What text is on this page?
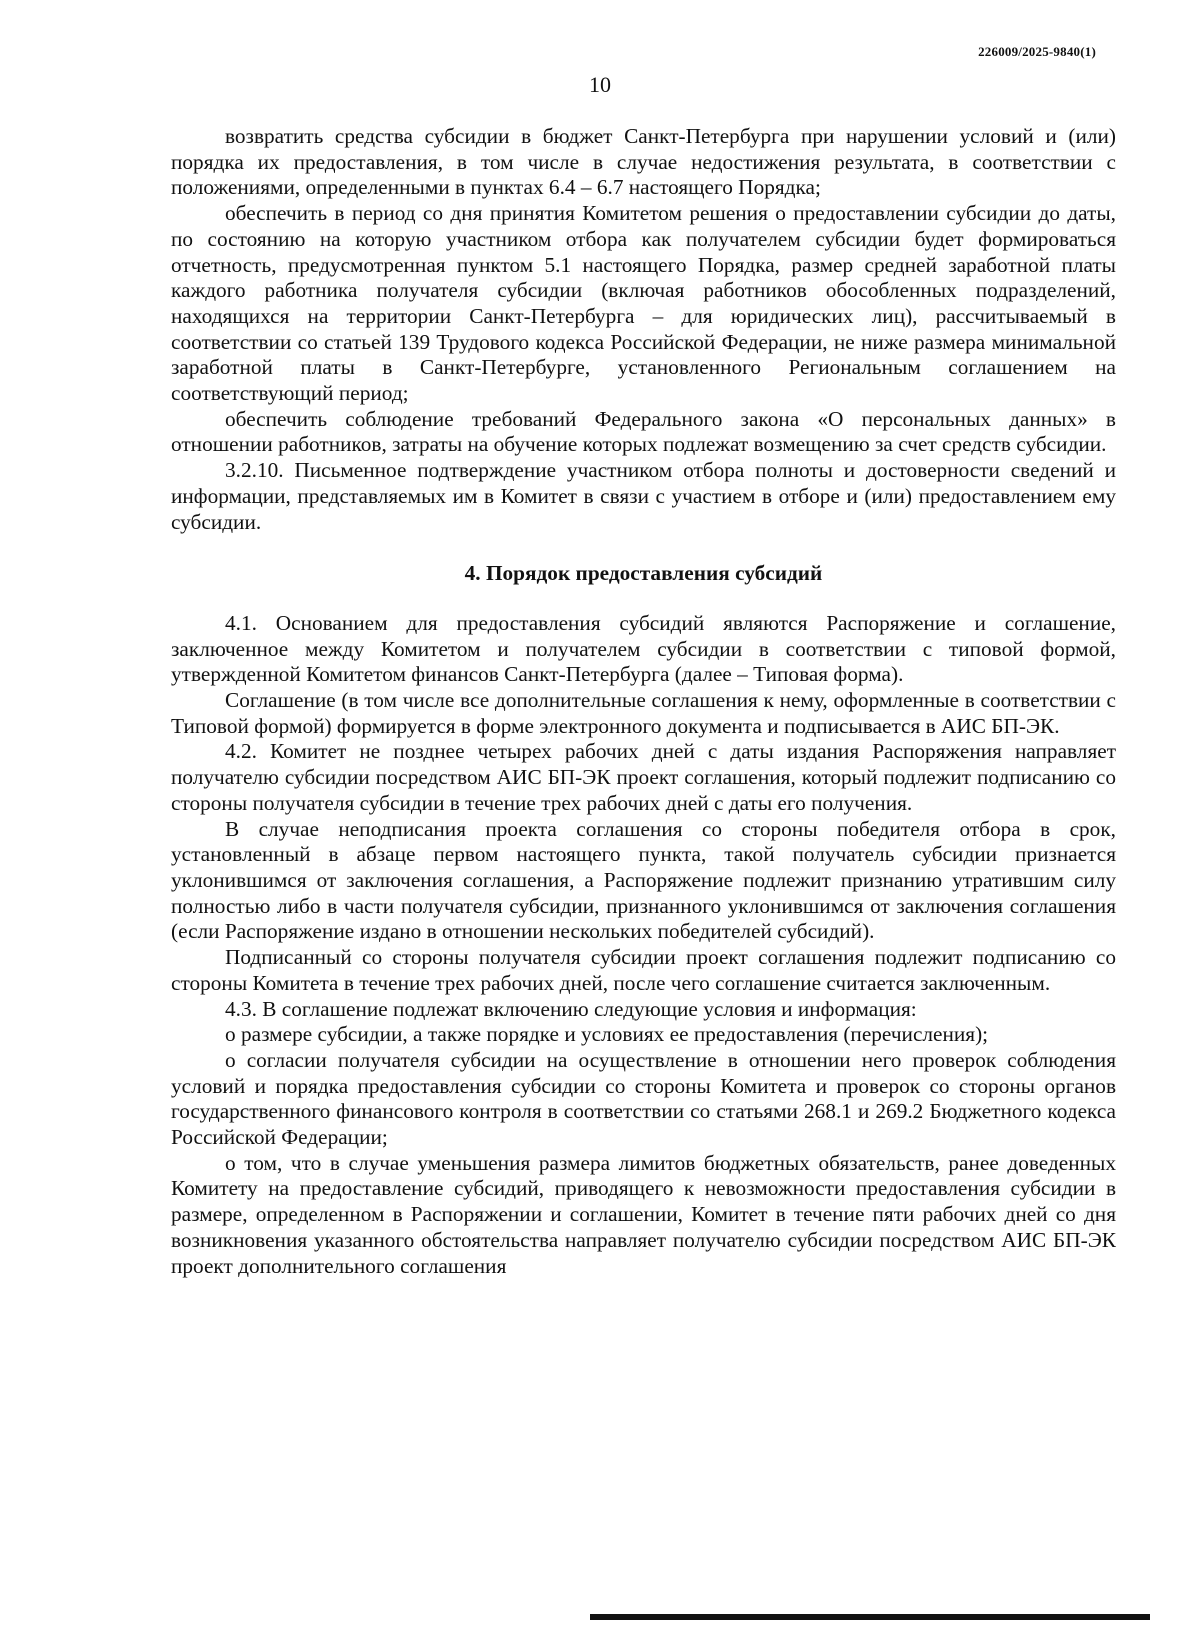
226009/2025-9840(1)
10

возвратить средства субсидии в бюджет Санкт-Петербурга при нарушении условий и (или) порядка их предоставления, в том числе в случае недостижения результата, в соответствии с положениями, определенными в пунктах 6.4 – 6.7 настоящего Порядка;

обеспечить в период со дня принятия Комитетом решения о предоставлении субсидии до даты, по состоянию на которую участником отбора как получателем субсидии будет формироваться отчетность, предусмотренная пунктом 5.1 настоящего Порядка, размер средней заработной платы каждого работника получателя субсидии (включая работников обособленных подразделений, находящихся на территории Санкт-Петербурга – для юридических лиц), рассчитываемый в соответствии со статьей 139 Трудового кодекса Российской Федерации, не ниже размера минимальной заработной платы в Санкт-Петербурге, установленного Региональным соглашением на соответствующий период;

обеспечить соблюдение требований Федерального закона «О персональных данных» в отношении работников, затраты на обучение которых подлежат возмещению за счет средств субсидии.

3.2.10. Письменное подтверждение участником отбора полноты и достоверности сведений и информации, представляемых им в Комитет в связи с участием в отборе и (или) предоставлением ему субсидии.

4. Порядок предоставления субсидий

4.1. Основанием для предоставления субсидий являются Распоряжение и соглашение, заключенное между Комитетом и получателем субсидии в соответствии с типовой формой, утвержденной Комитетом финансов Санкт-Петербурга (далее – Типовая форма).

Соглашение (в том числе все дополнительные соглашения к нему, оформленные в соответствии с Типовой формой) формируется в форме электронного документа и подписывается в АИС БП-ЭК.

4.2. Комитет не позднее четырех рабочих дней с даты издания Распоряжения направляет получателю субсидии посредством АИС БП-ЭК проект соглашения, который подлежит подписанию со стороны получателя субсидии в течение трех рабочих дней с даты его получения.

В случае неподписания проекта соглашения со стороны победителя отбора в срок, установленный в абзаце первом настоящего пункта, такой получатель субсидии признается уклонившимся от заключения соглашения, а Распоряжение подлежит признанию утратившим силу полностью либо в части получателя субсидии, признанного уклонившимся от заключения соглашения (если Распоряжение издано в отношении нескольких победителей субсидий).

Подписанный со стороны получателя субсидии проект соглашения подлежит подписанию со стороны Комитета в течение трех рабочих дней, после чего соглашение считается заключенным.

4.3. В соглашение подлежат включению следующие условия и информация:

о размере субсидии, а также порядке и условиях ее предоставления (перечисления);

о согласии получателя субсидии на осуществление в отношении него проверок соблюдения условий и порядка предоставления субсидии со стороны Комитета и проверок со стороны органов государственного финансового контроля в соответствии со статьями 268.1 и 269.2 Бюджетного кодекса Российской Федерации;

о том, что в случае уменьшения размера лимитов бюджетных обязательств, ранее доведенных Комитету на предоставление субсидий, приводящего к невозможности предоставления субсидии в размере, определенном в Распоряжении и соглашении, Комитет в течение пяти рабочих дней со дня возникновения указанного обстоятельства направляет получателю субсидии посредством АИС БП-ЭК проект дополнительного соглашения
